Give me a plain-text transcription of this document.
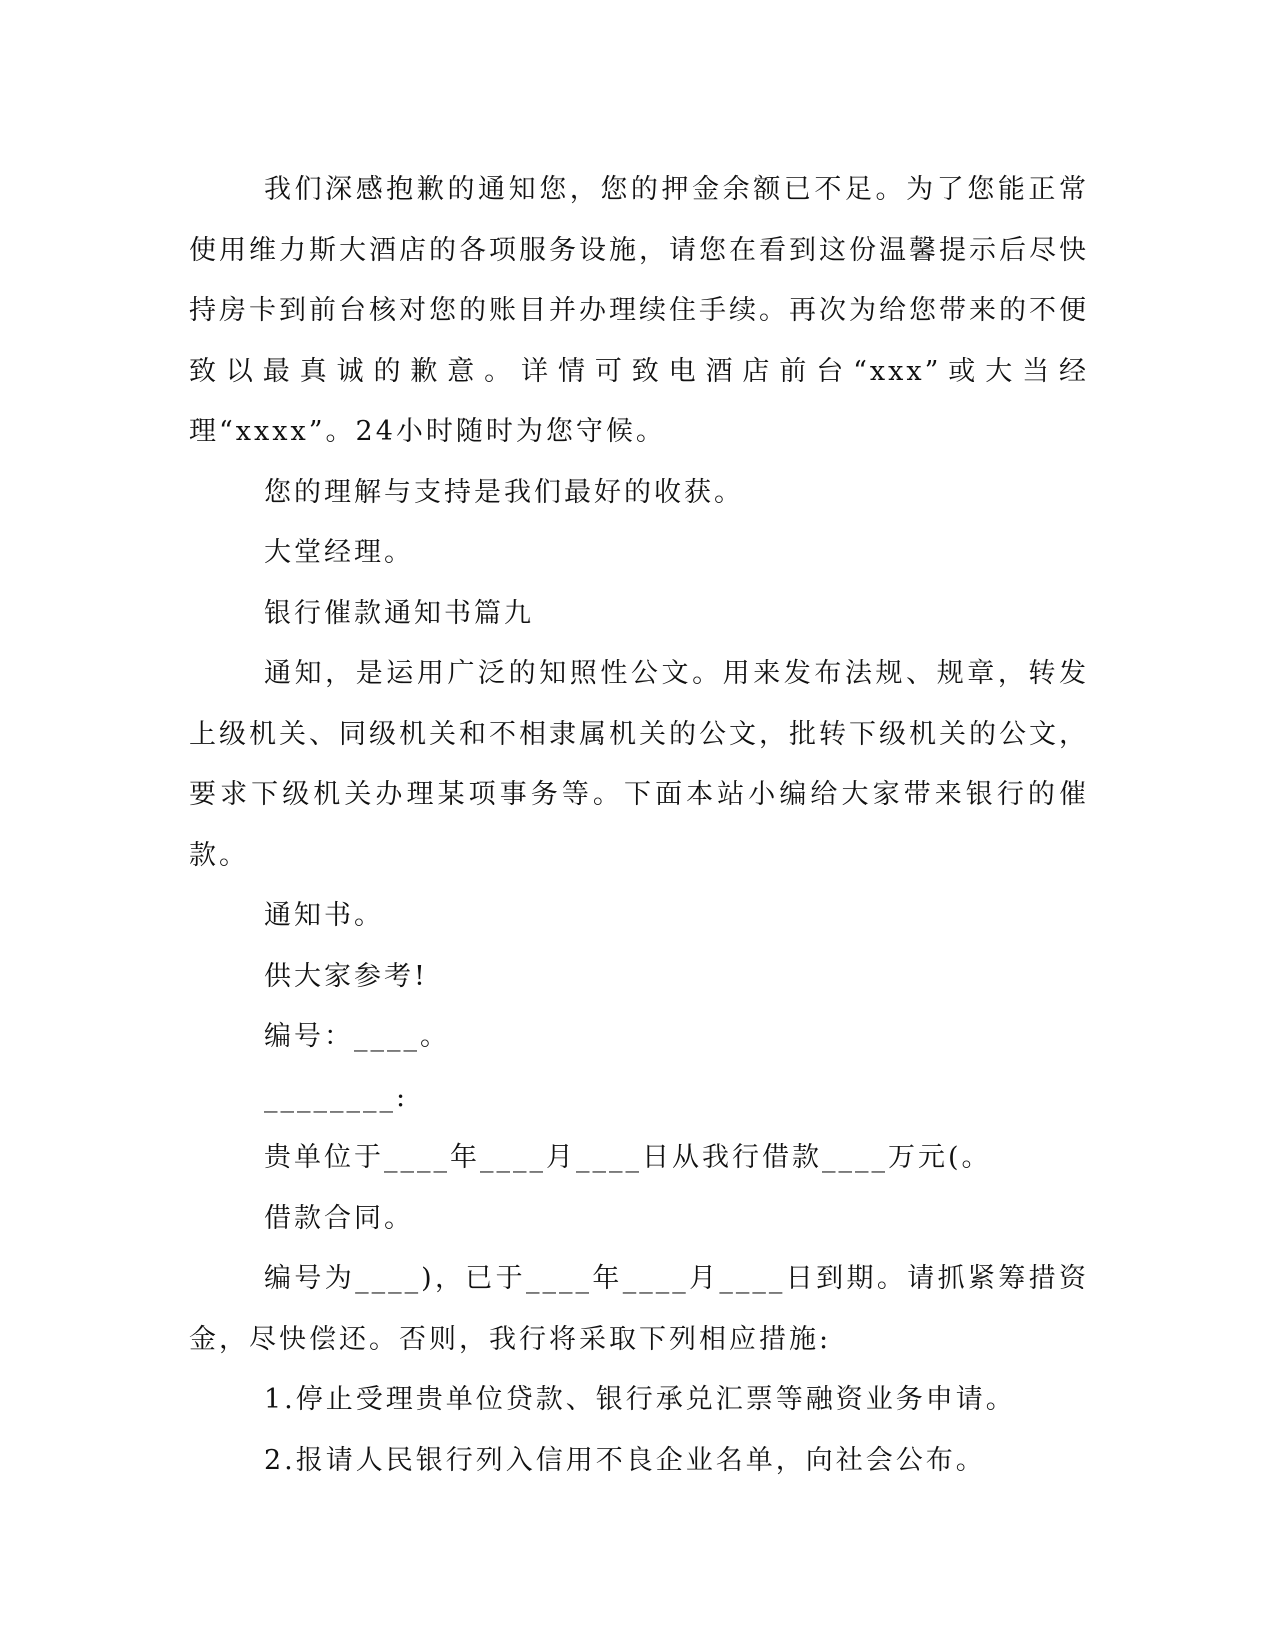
我们深感抱歉的通知您，您的押金余额已不足。为了您能正常使用维力斯大酒店的各项服务设施，请您在看到这份温馨提示后尽快持房卡到前台核对您的账目并办理续住手续。再次为给您带来的不便致以最真诚的歉意。详情可致电酒店前台“xxx”或大当经理“xxxx”。24小时随时为您守候。

您的理解与支持是我们最好的收获。

大堂经理。

银行催款通知书篇九

通知，是运用广泛的知照性公文。用来发布法规、规章，转发上级机关、同级机关和不相隶属机关的公文，批转下级机关的公文，要求下级机关办理某项事务等。下面本站小编给大家带来银行的催款。

通知书。

供大家参考!

编号：____。

________:

贵单位于____年____月____日从我行借款____万元(。

借款合同。

编号为____)，已于____年____月____日到期。请抓紧筹措资金，尽快偿还。否则，我行将采取下列相应措施:

1.停止受理贵单位贷款、银行承兑汇票等融资业务申请。

2.报请人民银行列入信用不良企业名单，向社会公布。
